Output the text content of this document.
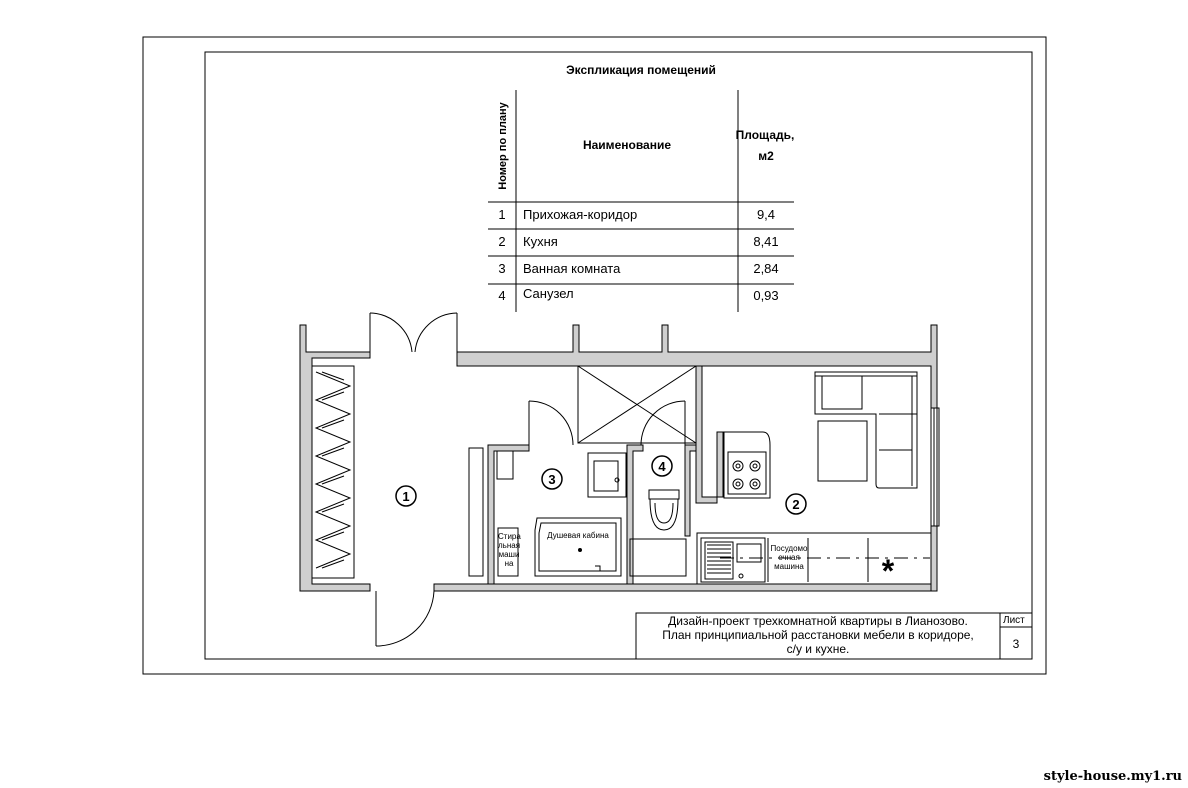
*
1
2
3
4
Экспликация помещений
Номер по плану	Наименование
Площадь,
м2
1	Прихожая-коридор	9,4
2	Кухня	8,41
3	Ванная комната	2,84
4	Санузел	0,93
Стира
льная
маши
на
Душевая кабина
Посудомо
ечная
машина
Дизайн-проект трехкомнатной квартиры в Лианозово.
План принципиальной расстановки мебели в коридоре,
с/у и кухне.
Лист
3
style-house.my1.ru
